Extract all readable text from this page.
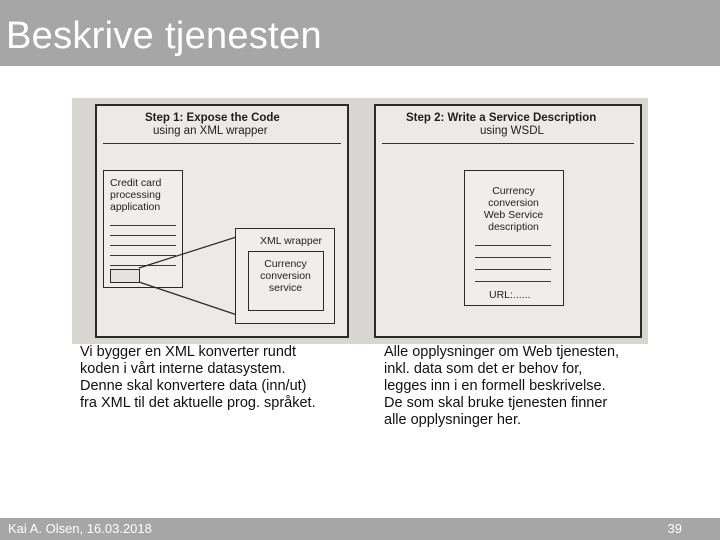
Beskrive tjenesten
Step 1: Expose the Code
using an XML wrapper
Credit card
processing
application
XML wrapper
Currency
conversion
service
Step 2: Write a Service Description
using WSDL
Currency
conversion
Web Service
description
URL:......
Vi bygger en XML konverter rundt
koden i vårt interne datasystem.
Denne skal konvertere data (inn/ut)
fra XML til det aktuelle prog. språket.
Alle opplysninger om Web tjenesten,
inkl. data som det er behov for,
legges inn i en formell beskrivelse.
De som skal bruke tjenesten finner
alle opplysninger her.
Kai A. Olsen, 16.03.2018	39
